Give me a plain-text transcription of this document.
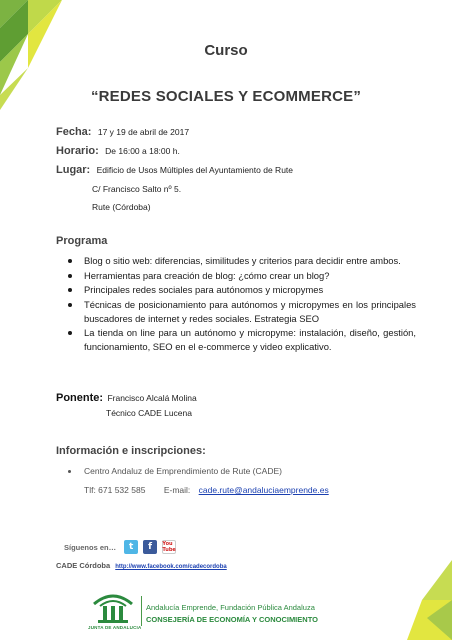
Curso
“REDES SOCIALES Y ECOMMERCE”
Fecha: 17 y 19 de abril de 2017
Horario: De 16:00 a 18:00 h.
Lugar: Edificio de Usos Múltiples del Ayuntamiento de Rute
C/ Francisco Salto nº 5.
Rute (Córdoba)
Programa
Blog o sitio web: diferencias, similitudes y criterios para decidir entre ambos.
Herramientas para creación de blog: ¿cómo crear un blog?
Principales redes sociales para autónomos y micropymes
Técnicas de posicionamiento para autónomos y micropymes en los principales buscadores de internet y redes sociales. Estrategia SEO
La tienda on line para un autónomo y micropyme: instalación, diseño, gestión, funcionamiento, SEO en el e-commerce y video explicativo.
Ponente: Francisco Alcalá Molina
Técnico CADE Lucena
Información e inscripciones:
Centro Andaluz de Emprendimiento de Rute (CADE)
Tlf: 671 532 585 E-mail: cade.rute@andaluciaemprende.es
Síguenos en…	t	f	You Tube
CADE Córdoba http://www.facebook.com/cadecordoba
JUNTA DE ANDALUCIA
Andalucía Emprende, Fundación Pública Andaluza
CONSEJERÍA DE ECONOMÍA Y CONOCIMIENTO
